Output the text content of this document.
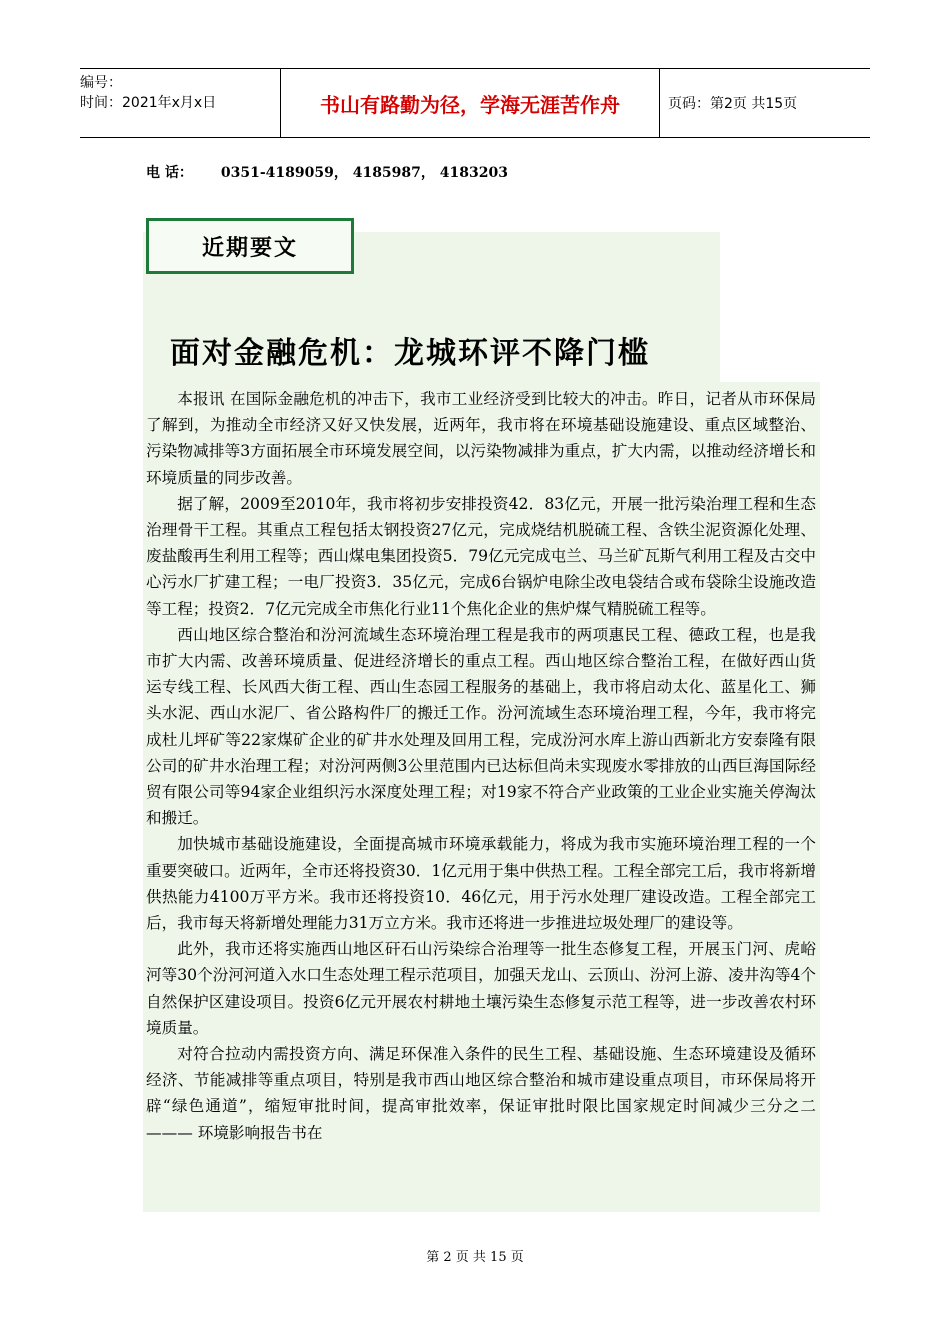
编号：
时间：2021年x月x日	书山有路勤为径，学海无涯苦作舟	页码：第2页 共15页
电 话： 0351-4189059， 4185987， 4183203
近期要文
面对金融危机：龙城环评不降门槛

本报讯 在国际金融危机的冲击下，我市工业经济受到比较大的冲击。昨日，记者从市环保局了解到，为推动全市经济又好又快发展，近两年，我市将在环境基础设施建设、重点区域整治、污染物减排等3方面拓展全市环境发展空间，以污染物减排为重点，扩大内需，以推动经济增长和环境质量的同步改善。

据了解，2009至2010年，我市将初步安排投资42．83亿元，开展一批污染治理工程和生态治理骨干工程。其重点工程包括太钢投资27亿元，完成烧结机脱硫工程、含铁尘泥资源化处理、废盐酸再生利用工程等；西山煤电集团投资5．79亿元完成屯兰、马兰矿瓦斯气利用工程及古交中心污水厂扩建工程；一电厂投资3．35亿元，完成6台锅炉电除尘改电袋结合或布袋除尘设施改造等工程；投资2．7亿元完成全市焦化行业11个焦化企业的焦炉煤气精脱硫工程等。

西山地区综合整治和汾河流域生态环境治理工程是我市的两项惠民工程、德政工程，也是我市扩大内需、改善环境质量、促进经济增长的重点工程。西山地区综合整治工程，在做好西山货运专线工程、长风西大街工程、西山生态园工程服务的基础上，我市将启动太化、蓝星化工、狮头水泥、西山水泥厂、省公路构件厂的搬迁工作。汾河流域生态环境治理工程，今年，我市将完成杜儿坪矿等22家煤矿企业的矿井水处理及回用工程，完成汾河水库上游山西新北方安泰隆有限公司的矿井水治理工程；对汾河两侧3公里范围内已达标但尚未实现废水零排放的山西巨海国际经贸有限公司等94家企业组织污水深度处理工程；对19家不符合产业政策的工业企业实施关停淘汰和搬迁。

加快城市基础设施建设，全面提高城市环境承载能力，将成为我市实施环境治理工程的一个重要突破口。近两年，全市还将投资30．1亿元用于集中供热工程。工程全部完工后，我市将新增供热能力4100万平方米。我市还将投资10．46亿元，用于污水处理厂建设改造。工程全部完工后，我市每天将新增处理能力31万立方米。我市还将进一步推进垃圾处理厂的建设等。

此外，我市还将实施西山地区矸石山污染综合治理等一批生态修复工程，开展玉门河、虎峪河等30个汾河河道入水口生态处理工程示范项目，加强天龙山、云顶山、汾河上游、凌井沟等4个自然保护区建设项目。投资6亿元开展农村耕地土壤污染生态修复示范工程等，进一步改善农村环境质量。

对符合拉动内需投资方向、满足环保准入条件的民生工程、基础设施、生态环境建设及循环经济、节能减排等重点项目，特别是我市西山地区综合整治和城市建设重点项目，市环保局将开辟“绿色通道”，缩短审批时间，提高审批效率，保证审批时限比国家规定时间减少三分之二——— 环境影响报告书在

第 2 页 共 15 页
